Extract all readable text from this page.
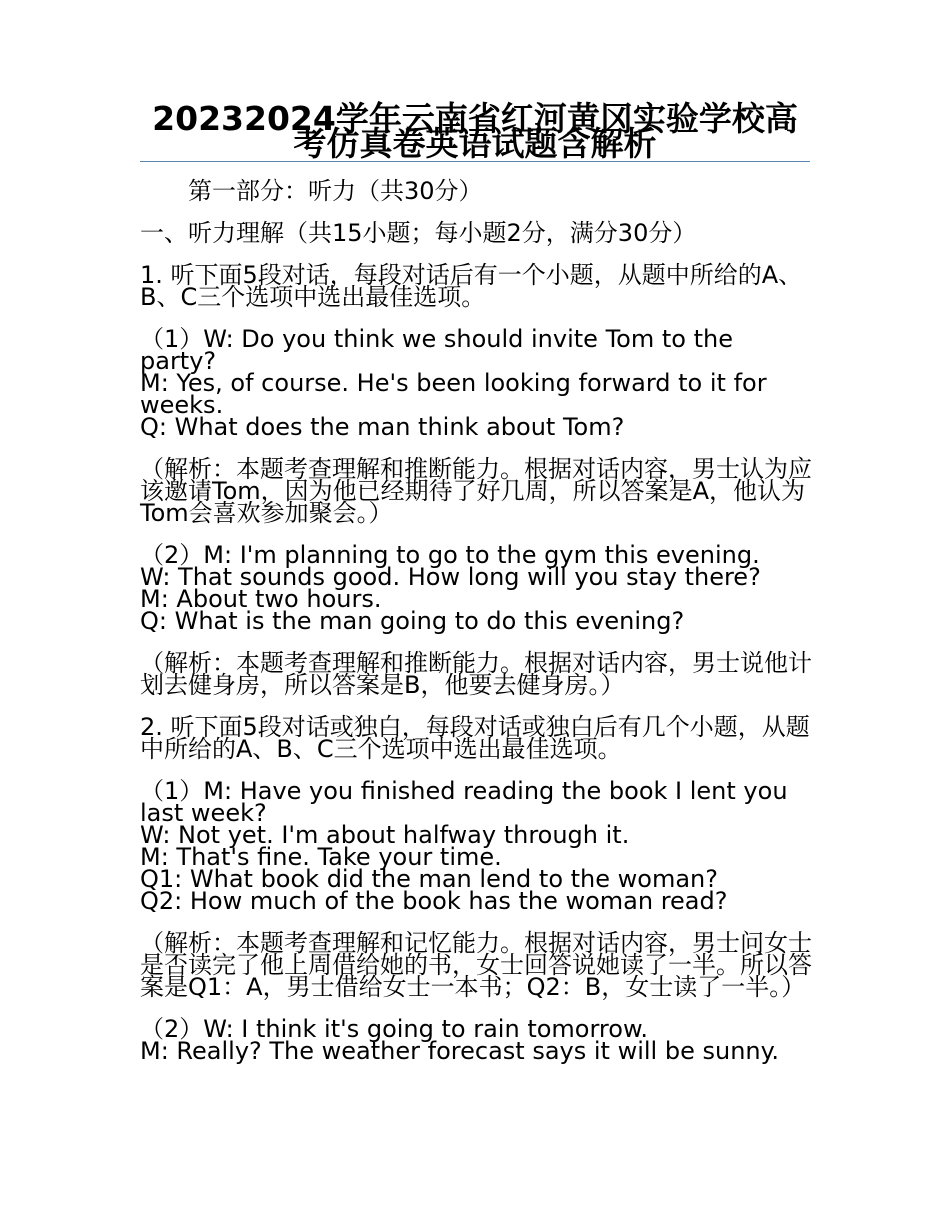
20232024学年云南省红河黄冈实验学校高考仿真卷英语试题含解析
第一部分：听力（共30分）
一、听力理解（共15小题；每小题2分，满分30分）
1. 听下面5段对话，每段对话后有一个小题，从题中所给的A、B、C三个选项中选出最佳选项。
（1）W: Do you think we should invite Tom to the party?
M: Yes, of course. He's been looking forward to it for weeks.
Q: What does the man think about Tom?
（解析：本题考查理解和推断能力。根据对话内容，男士认为应该邀请Tom，因为他已经期待了好几周，所以答案是A，他认为Tom会喜欢参加聚会。）
（2）M: I'm planning to go to the gym this evening.
W: That sounds good. How long will you stay there?
M: About two hours.
Q: What is the man going to do this evening?
（解析：本题考查理解和推断能力。根据对话内容，男士说他计划去健身房，所以答案是B，他要去健身房。）
2. 听下面5段对话或独白，每段对话或独白后有几个小题，从题中所给的A、B、C三个选项中选出最佳选项。
（1）M: Have you finished reading the book I lent you last week?
W: Not yet. I'm about halfway through it.
M: That's fine. Take your time.
Q1: What book did the man lend to the woman?
Q2: How much of the book has the woman read?
（解析：本题考查理解和记忆能力。根据对话内容，男士问女士是否读完了他上周借给她的书，女士回答说她读了一半。所以答案是Q1：A，男士借给女士一本书；Q2：B，女士读了一半。）
（2）W: I think it's going to rain tomorrow.
M: Really? The weather forecast says it will be sunny.
